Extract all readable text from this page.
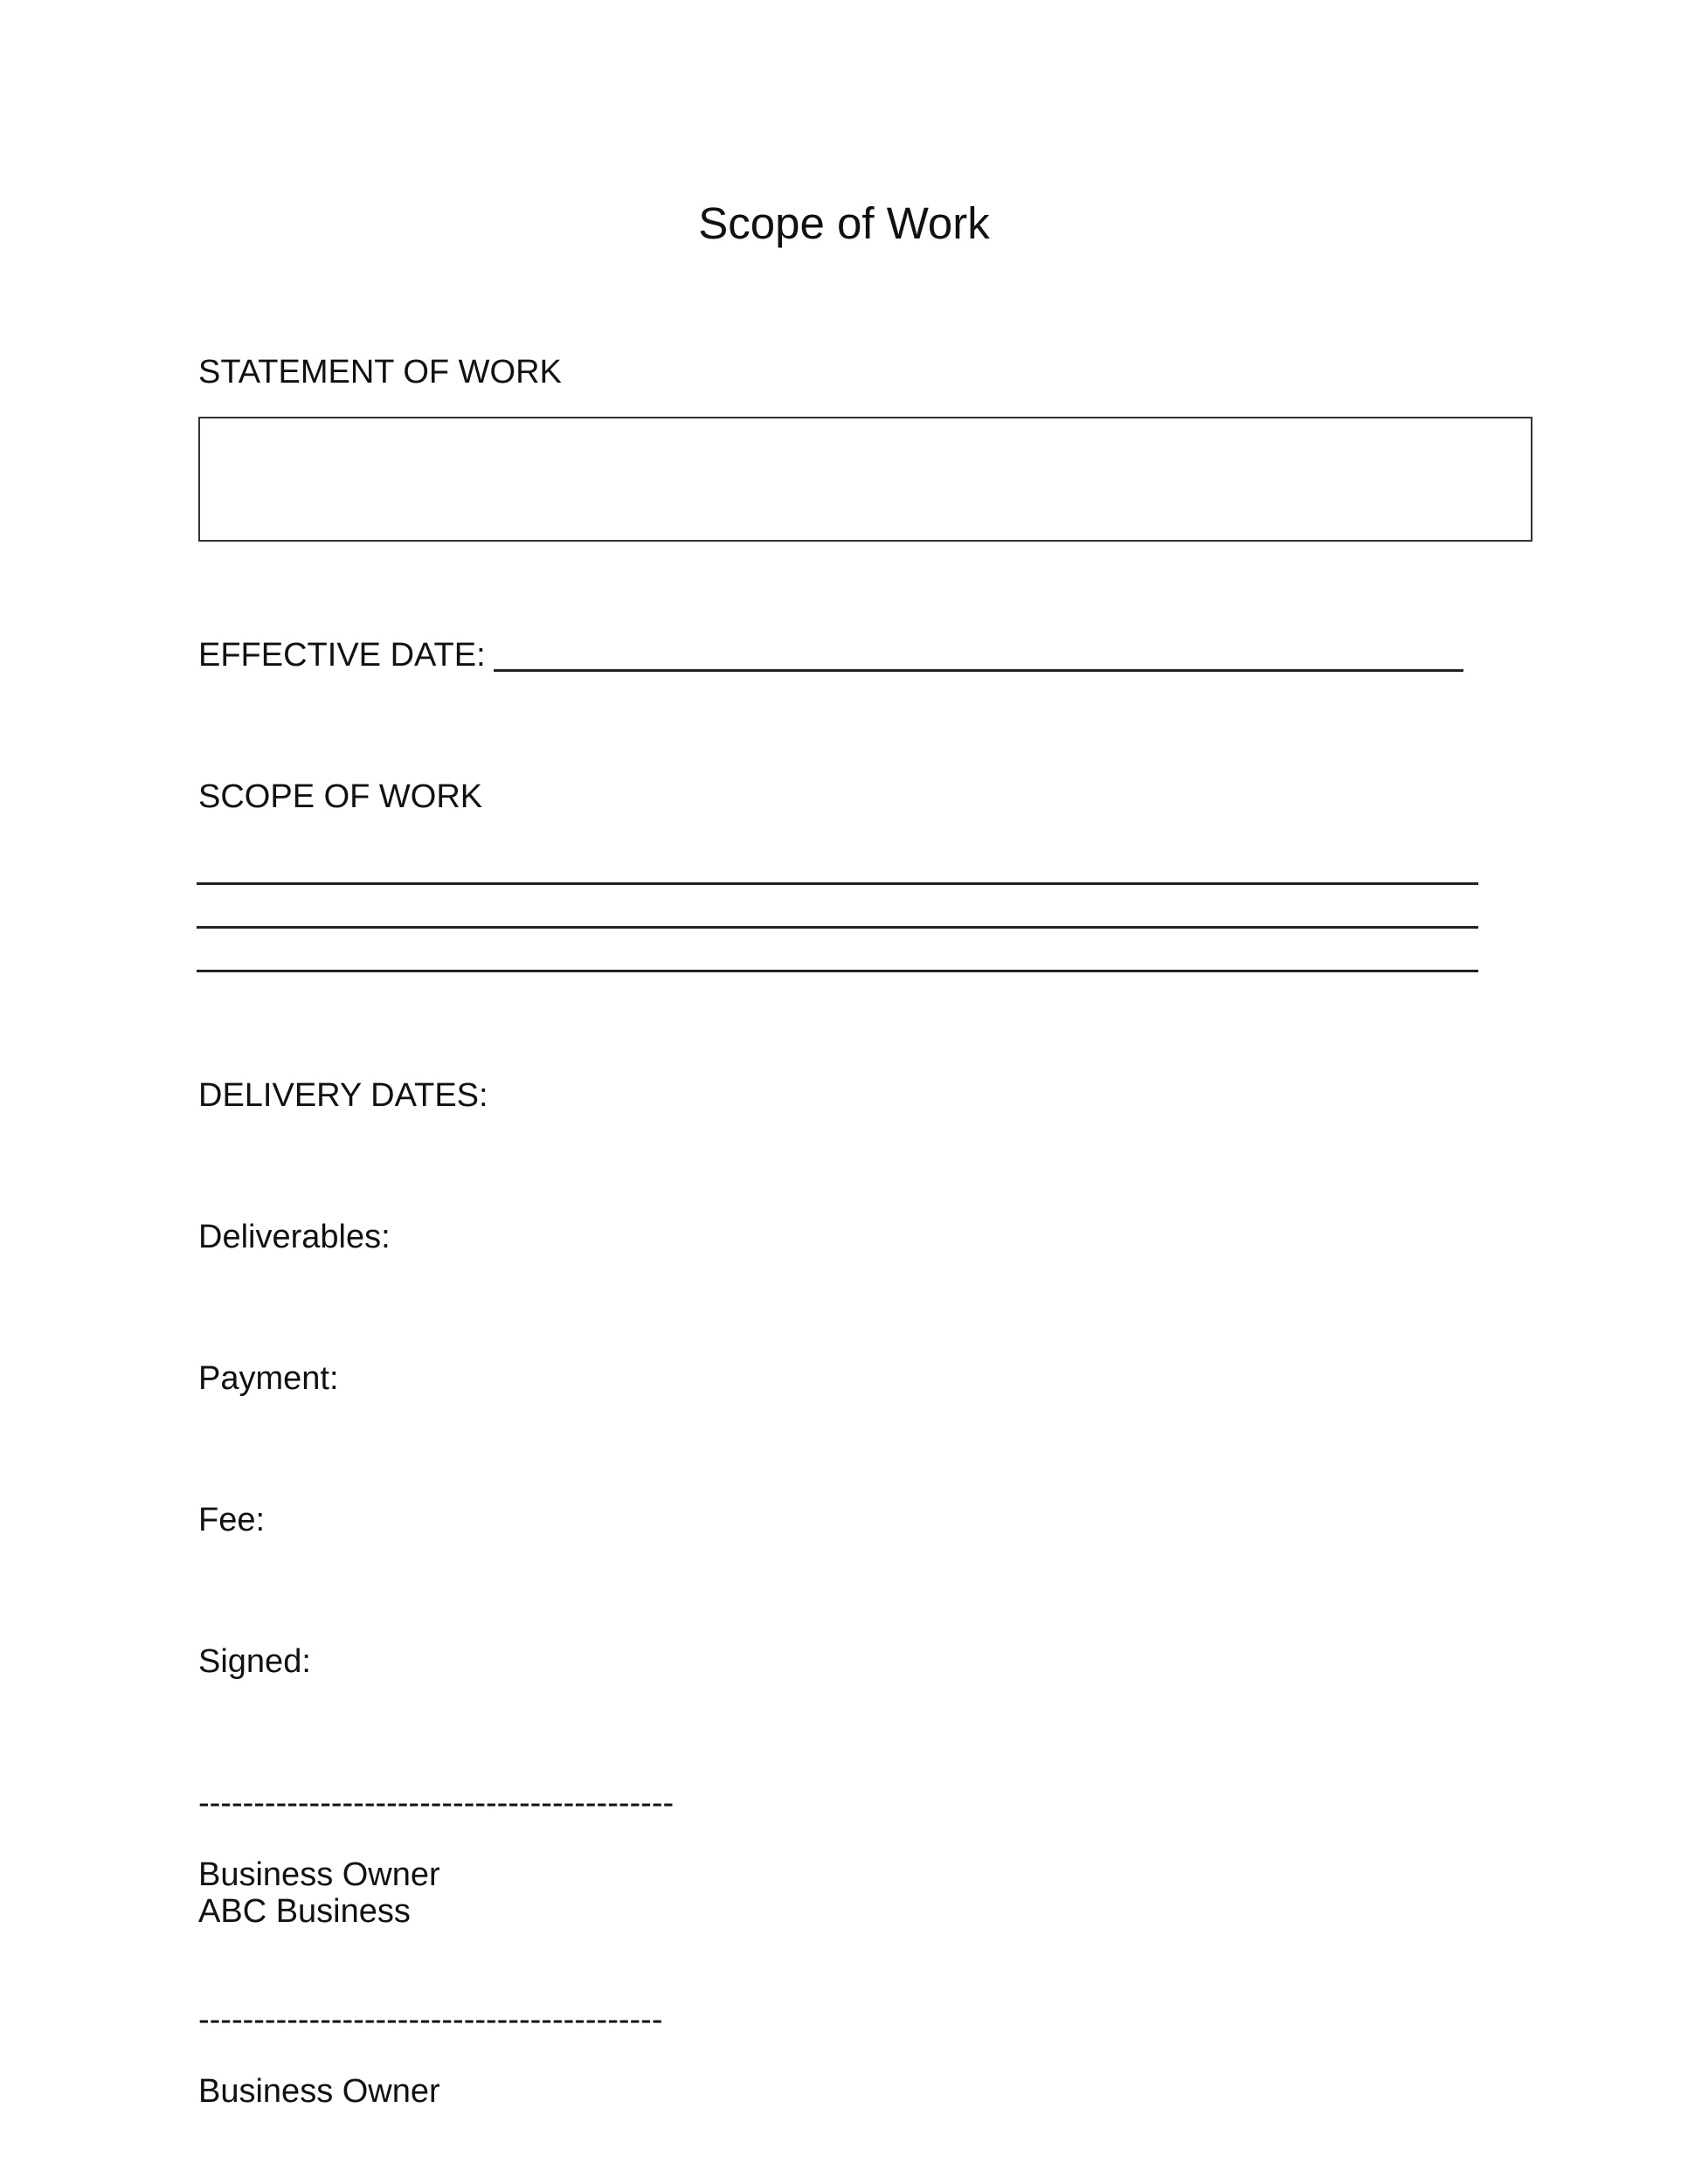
Scope of Work
STATEMENT OF WORK
EFFECTIVE DATE:
SCOPE OF WORK
DELIVERY DATES:
Deliverables:
Payment:
Fee:
Signed:
-------------------------------------------
Business Owner
ABC Business
------------------------------------------
Business Owner
